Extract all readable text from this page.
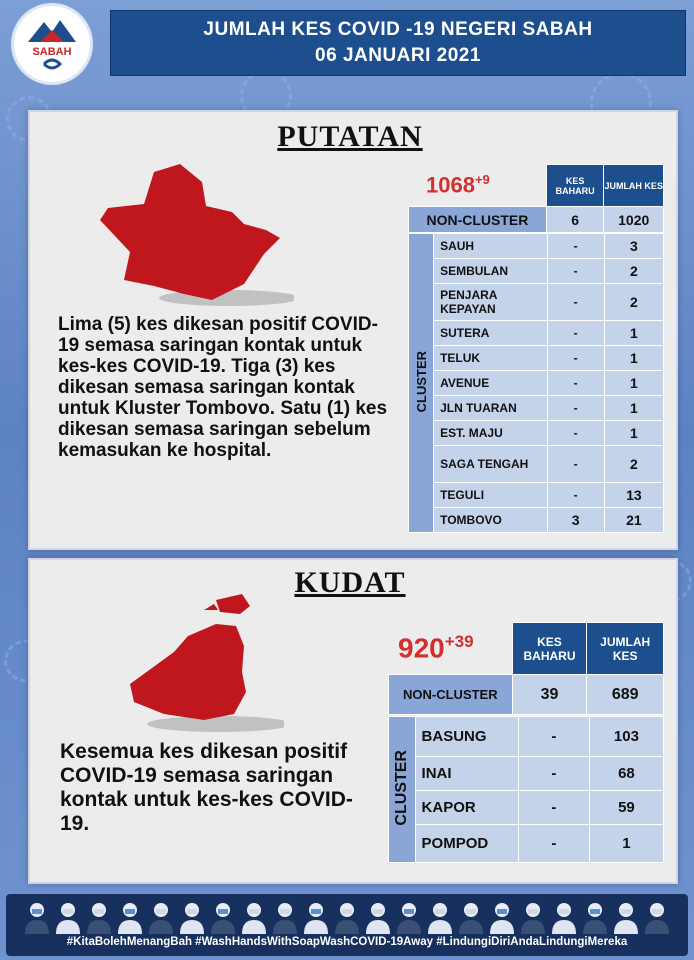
SABAH
JUMLAH KES COVID -19 NEGERI SABAH
06 JANUARI 2021
PUTATAN
$1068^{+9}$
		KES BAHARU	JUMLAH KES
NON-CLUSTER	6	1020
CLUSTER	SAUH	-	3
	SEMBULAN	-	2
	PENJARA KEPAYAN	-	2
	SUTERA	-	1
	TELUK	-	1
	AVENUE	-	1
	JLN TUARAN	-	1
	EST. MAJU	-	1
	SAGA TENGAH	-	2
	TEGULI	-	13
	TOMBOVO	3	21
Lima (5) kes dikesan positif COVID-19 semasa saringan kontak untuk kes-kes COVID-19. Tiga (3) kes dikesan semasa saringan kontak untuk Kluster Tombovo. Satu (1) kes dikesan semasa saringan sebelum kemasukan ke hospital.
KUDAT
$920^{+39}$
		KES BAHARU	JUMLAH KES
NON-CLUSTER	39	689
CLUSTER	BASUNG	-	103
	INAI	-	68
	KAPOR	-	59
	POMPOD	-	1
Kesemua kes dikesan positif COVID-19 semasa saringan kontak untuk kes-kes COVID-19.
#KitaBolehMenangBah #WashHandsWithSoapWashCOVID-19Away #LindungiDiriAndaLindungiMereka
